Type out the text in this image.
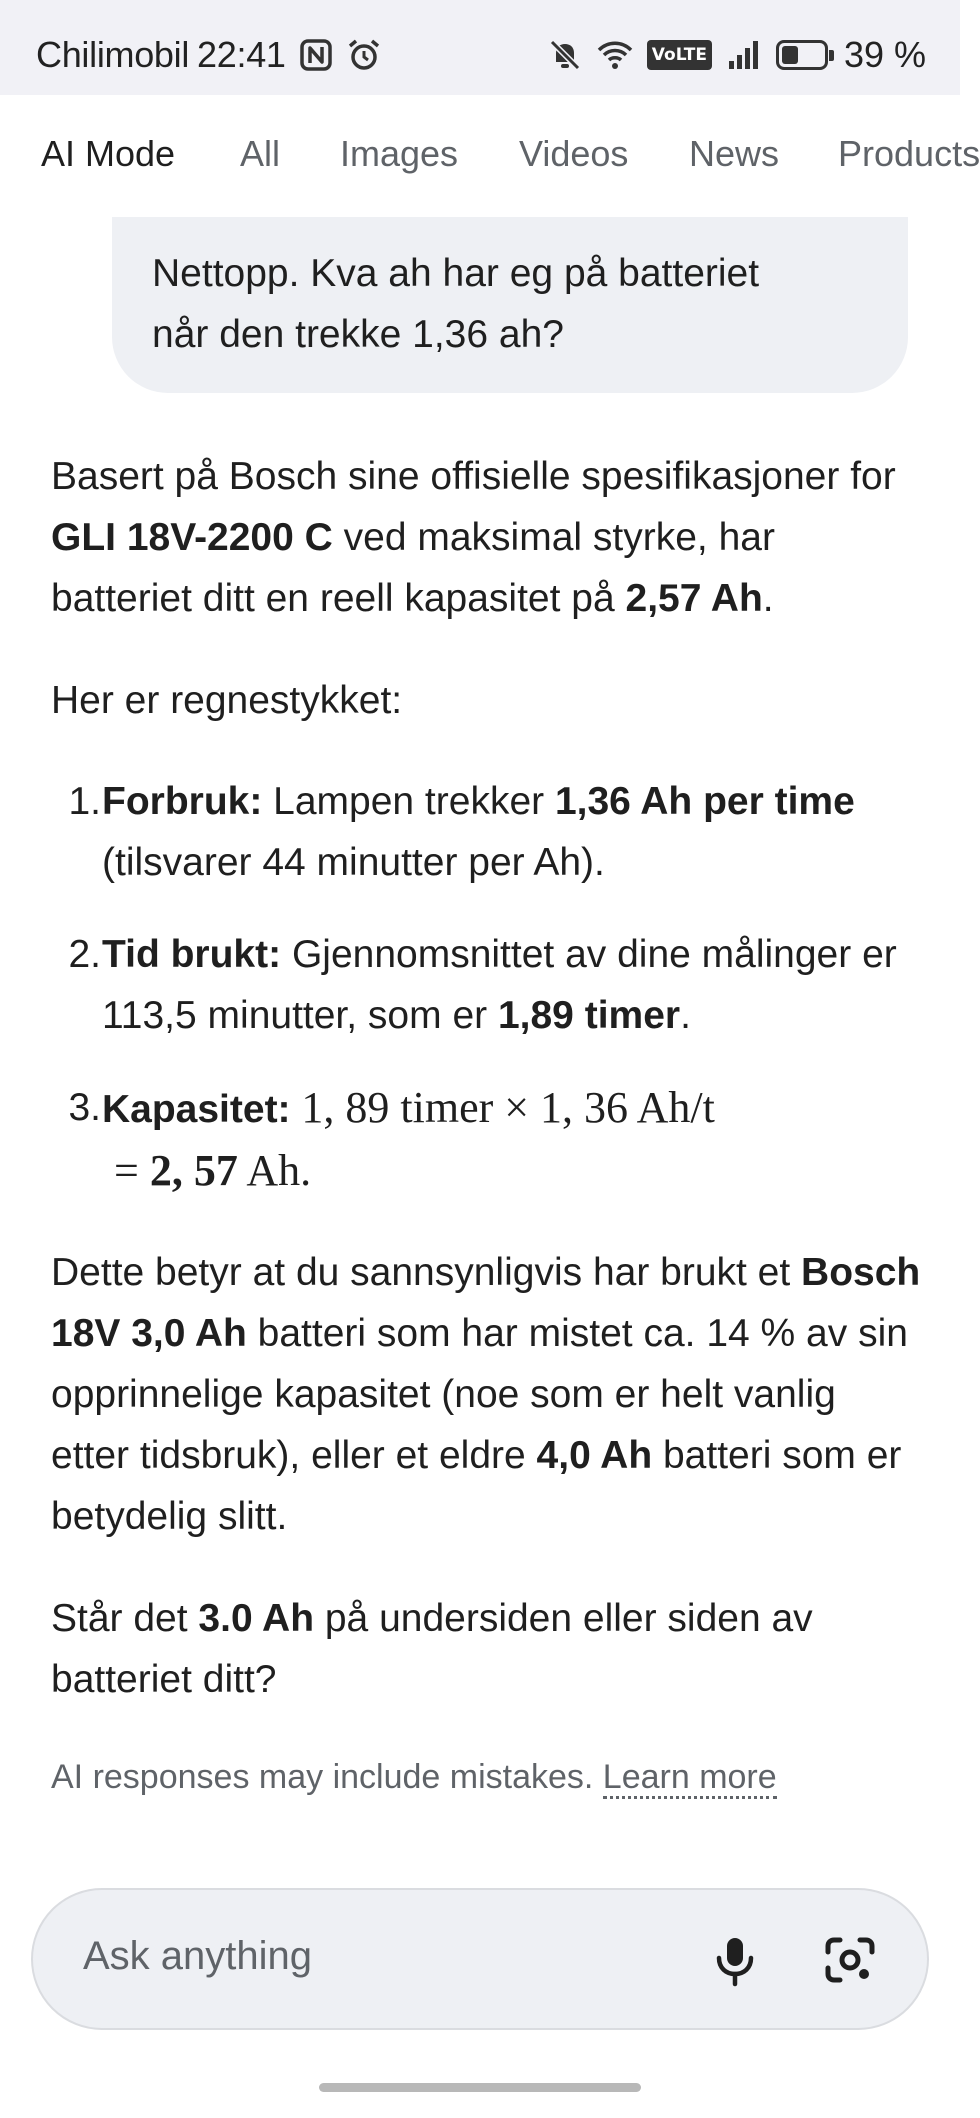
Chilimobil 22:41	VoLTE	39 %
AI Mode All Images Videos News Products
Nettopp. Kva ah har eg på batteriet
når den trekke 1,36 ah?
Basert på Bosch sine offisielle spesifikasjoner for GLI 18V-2200 C ved maksimal styrke, har batteriet ditt en reell kapasitet på 2,57 Ah.
Her er regnestykket:
1. Forbruk: Lampen trekker 1,36 Ah per time (tilsvarer 44 minutter per Ah).
2. Tid brukt: Gjennomsnittet av dine målinger er 113,5 minutter, som er 1,89 timer.
3. Kapasitet: 1, 89 timer × 1, 36 Ah/t
= 2, 57 Ah.
Dette betyr at du sannsynligvis har brukt et Bosch 18V 3,0 Ah batteri som har mistet ca. 14 % av sin opprinnelige kapasitet (noe som er helt vanlig etter tidsbruk), eller et eldre 4,0 Ah batteri som er betydelig slitt.
Står det 3.0 Ah på undersiden eller siden av batteriet ditt?
AI responses may include mistakes. Learn more
Ask anything
